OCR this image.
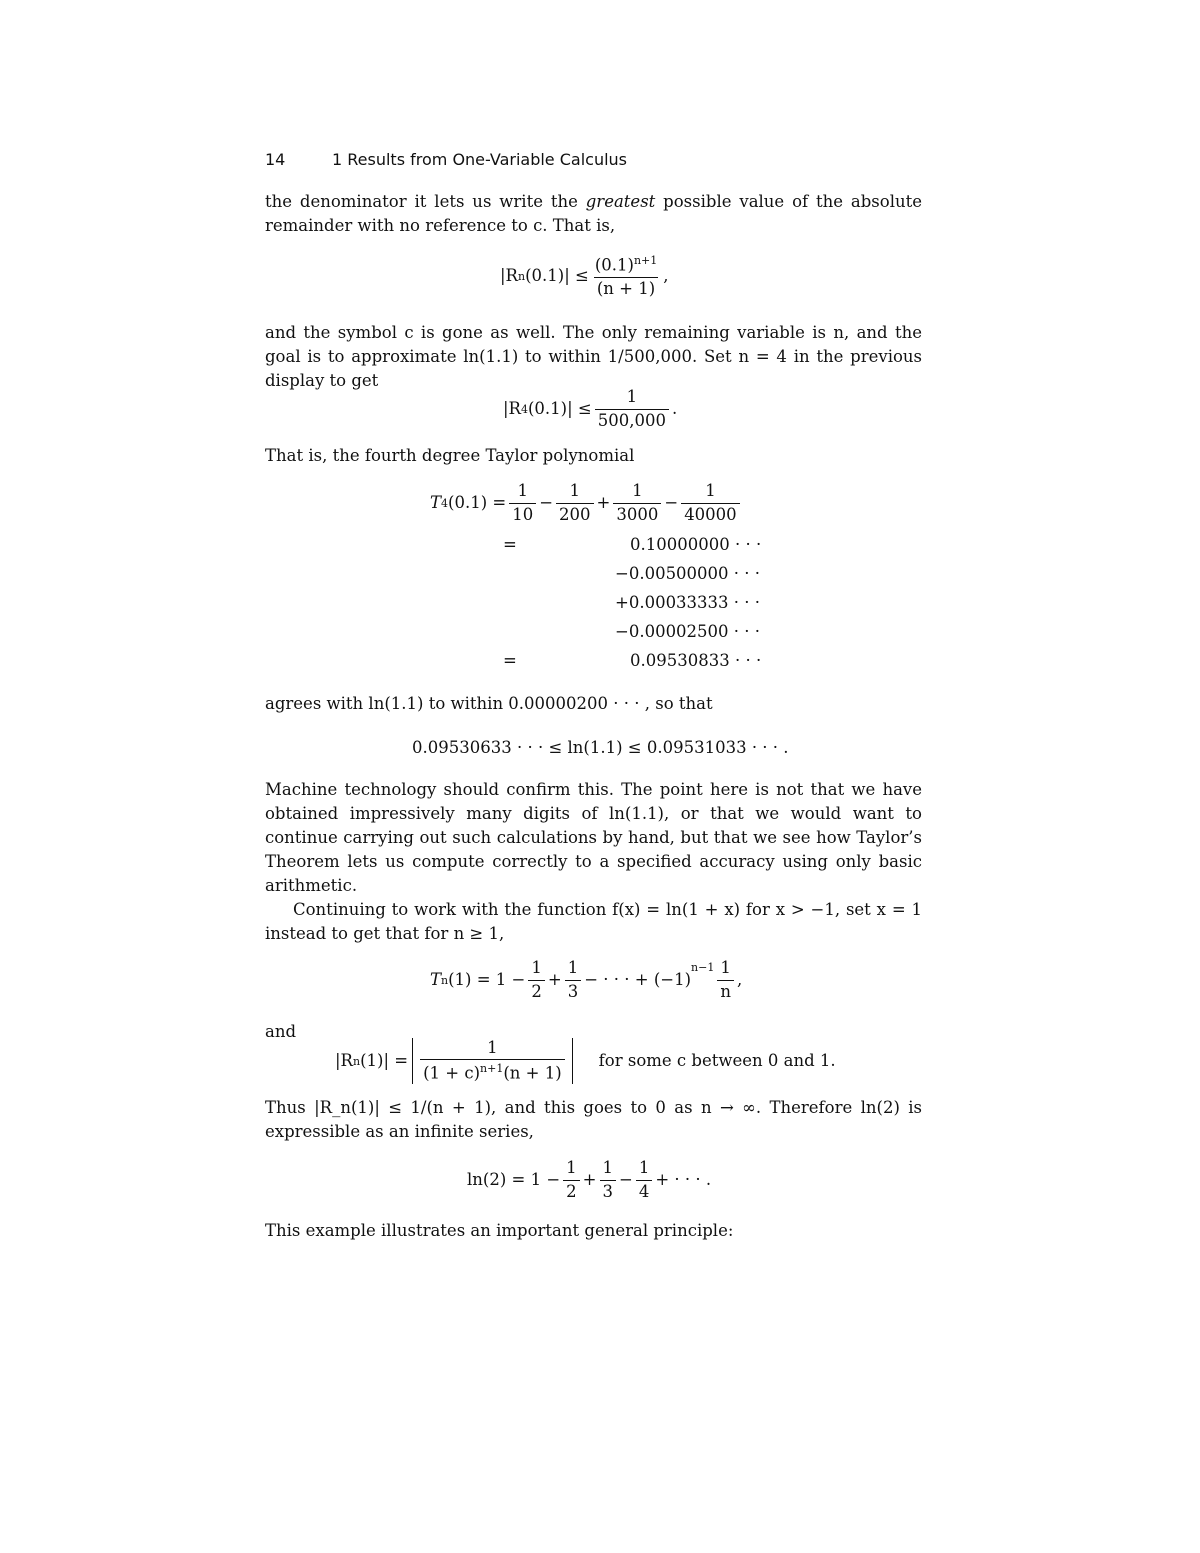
14	1 Results from One-Variable Calculus

the denominator it lets us write the greatest possible value of the absolute remainder with no reference to c. That is,

|R n $(0.1)| \le \frac{(0.1)^{n+1}}{(n + 1)}$ ,

and the symbol c is gone as well. The only remaining variable is n, and the goal is to approximate ln(1.1) to within 1/500,000. Set n = 4 in the previous display to get

|R 4 $(0.1)| \le \frac{1}{500,000}$ .

That is, the fourth degree Taylor polynomial

T 4 $(0.1) = \frac{1}{10} - \frac{1}{200} + \frac{1}{3000} - \frac{1}{40000}$
=	0.10000000 · · ·
−0.00500000 · · ·
+0.00033333 · · ·
−0.00002500 · · ·
=	0.09530833 · · ·

agrees with ln(1.1) to within 0.00000200 · · · , so that

0.09530633 · · · ≤ ln(1.1) ≤ 0.09531033 · · · .

Machine technology should confirm this. The point here is not that we have obtained impressively many digits of ln(1.1), or that we would want to continue carrying out such calculations by hand, but that we see how Taylor’s Theorem lets us compute correctly to a specified accuracy using only basic arithmetic.

Continuing to work with the function f(x) = ln(1 + x) for x > −1, set x = 1 instead to get that for n ≥ 1,

T n $(1) = 1 - \frac{1}{2} + \frac{1}{3}$ − · · · + (−1)
$^{n-1} \frac{1}{n}$ ,

and

|R n $(1)| = \frac{1}{(1 + c)^{n+1}(n + 1)}$ for some c between 0 and 1.

Thus |R_n(1)| ≤ 1/(n + 1), and this goes to 0 as n → ∞. Therefore ln(2) is expressible as an infinite series,

$\ln(2) = 1 - \frac{1}{2} + \frac{1}{3} - \frac{1}{4}$ + · · · .

This example illustrates an important general principle:
